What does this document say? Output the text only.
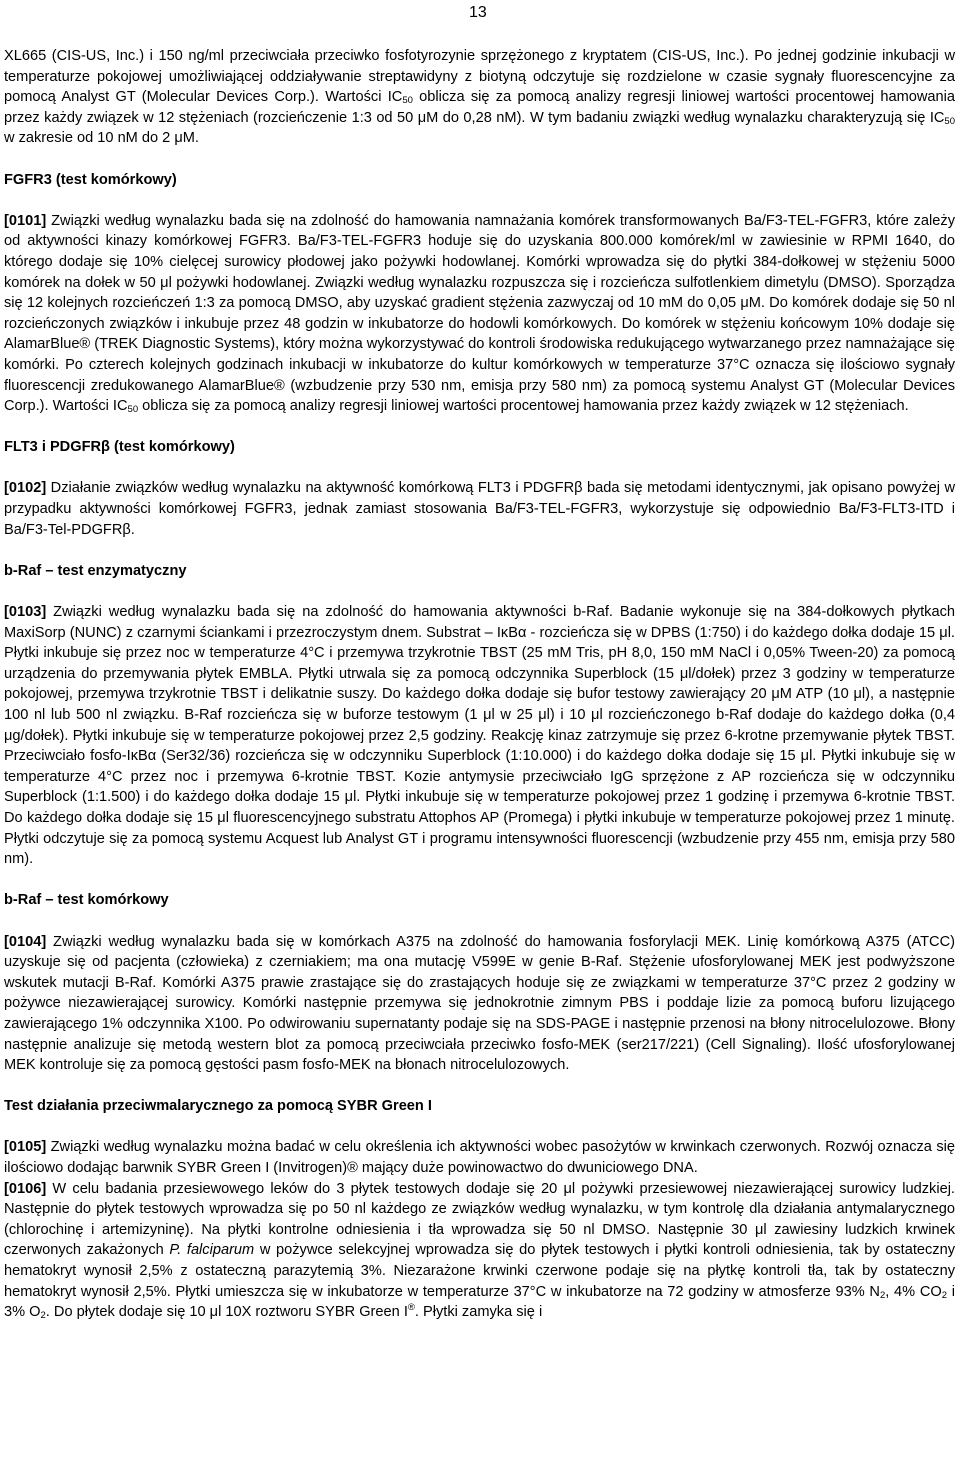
13

XL665 (CIS-US, Inc.) i 150 ng/ml przeciwciała przeciwko fosfotyrozynie sprzężonego z kryptatem (CIS-US, Inc.). Po jednej godzinie inkubacji w temperaturze pokojowej umożliwiającej oddziaływanie streptawidyny z biotyną odczytuje się rozdzielone w czasie sygnały fluorescencyjne za pomocą Analyst GT (Molecular Devices Corp.). Wartości $IC_{50}$ oblicza się za pomocą analizy regresji liniowej wartości procentowej hamowania przez każdy związek w 12 stężeniach (rozcieńczenie 1:3 od 50 μM do 0,28 nM). W tym badaniu związki według wynalazku charakteryzują się $IC_{50}$ w zakresie od 10 nM do 2 μM.

FGFR3 (test komórkowy)

[0101] Związki według wynalazku bada się na zdolność do hamowania namnażania komórek transformowanych Ba/F3-TEL-FGFR3, które zależy od aktywności kinazy komórkowej FGFR3. Ba/F3-TEL-FGFR3 hoduje się do uzyskania 800.000 komórek/ml w zawiesinie w RPMI 1640, do którego dodaje się 10% cielęcej surowicy płodowej jako pożywki hodowlanej. Komórki wprowadza się do płytki 384-dołkowej w stężeniu 5000 komórek na dołek w 50 μl pożywki hodowlanej. Związki według wynalazku rozpuszcza się i rozcieńcza sulfotlenkiem dimetylu (DMSO). Sporządza się 12 kolejnych rozcieńczeń 1:3 za pomocą DMSO, aby uzyskać gradient stężenia zazwyczaj od 10 mM do 0,05 μM. Do komórek dodaje się 50 nl rozcieńczonych związków i inkubuje przez 48 godzin w inkubatorze do hodowli komórkowych. Do komórek w stężeniu końcowym 10% dodaje się AlamarBlue® (TREK Diagnostic Systems), który można wykorzystywać do kontroli środowiska redukującego wytwarzanego przez namnażające się komórki. Po czterech kolejnych godzinach inkubacji w inkubatorze do kultur komórkowych w temperaturze 37°C oznacza się ilościowo sygnały fluorescencji zredukowanego AlamarBlue® (wzbudzenie przy 530 nm, emisja przy 580 nm) za pomocą systemu Analyst GT (Molecular Devices Corp.). Wartości $IC_{50}$ oblicza się za pomocą analizy regresji liniowej wartości procentowej hamowania przez każdy związek w 12 stężeniach.

FLT3 i PDGFRβ (test komórkowy)

[0102] Działanie związków według wynalazku na aktywność komórkową FLT3 i PDGFRβ bada się metodami identycznymi, jak opisano powyżej w przypadku aktywności komórkowej FGFR3, jednak zamiast stosowania Ba/F3-TEL-FGFR3, wykorzystuje się odpowiednio Ba/F3-FLT3-ITD i Ba/F3-Tel-PDGFRβ.

b-Raf – test enzymatyczny

[0103] Związki według wynalazku bada się na zdolność do hamowania aktywności b-Raf. Badanie wykonuje się na 384-dołkowych płytkach MaxiSorp (NUNC) z czarnymi ściankami i przezroczystym dnem. Substrat – IκBα - rozcieńcza się w DPBS (1:750) i do każdego dołka dodaje 15 μl. Płytki inkubuje się przez noc w temperaturze 4°C i przemywa trzykrotnie TBST (25 mM Tris, pH 8,0, 150 mM NaCl i 0,05% Tween-20) za pomocą urządzenia do przemywania płytek EMBLA. Płytki utrwala się za pomocą odczynnika Superblock (15 μl/dołek) przez 3 godziny w temperaturze pokojowej, przemywa trzykrotnie TBST i delikatnie suszy. Do każdego dołka dodaje się bufor testowy zawierający 20 μM ATP (10 μl), a następnie 100 nl lub 500 nl związku. B-Raf rozcieńcza się w buforze testowym (1 μl w 25 μl) i 10 μl rozcieńczonego b-Raf dodaje do każdego dołka (0,4 μg/dołek). Płytki inkubuje się w temperaturze pokojowej przez 2,5 godziny. Reakcję kinaz zatrzymuje się przez 6-krotne przemywanie płytek TBST. Przeciwciało fosfo-IκBα (Ser32/36) rozcieńcza się w odczynniku Superblock (1:10.000) i do każdego dołka dodaje się 15 μl. Płytki inkubuje się w temperaturze 4°C przez noc i przemywa 6-krotnie TBST. Kozie antymysie przeciwciało IgG sprzężone z AP rozcieńcza się w odczynniku Superblock (1:1.500) i do każdego dołka dodaje 15 μl. Płytki inkubuje się w temperaturze pokojowej przez 1 godzinę i przemywa 6-krotnie TBST. Do każdego dołka dodaje się 15 μl fluorescencyjnego substratu Attophos AP (Promega) i płytki inkubuje w temperaturze pokojowej przez 1 minutę. Płytki odczytuje się za pomocą systemu Acquest lub Analyst GT i programu intensywności fluorescencji (wzbudzenie przy 455 nm, emisja przy 580 nm).

b-Raf – test komórkowy

[0104] Związki według wynalazku bada się w komórkach A375 na zdolność do hamowania fosforylacji MEK. Linię komórkową A375 (ATCC) uzyskuje się od pacjenta (człowieka) z czerniakiem; ma ona mutację V599E w genie B-Raf. Stężenie ufosforylowanej MEK jest podwyższone wskutek mutacji B-Raf. Komórki A375 prawie zrastające się do zrastających hoduje się ze związkami w temperaturze 37°C przez 2 godziny w pożywce niezawierającej surowicy. Komórki następnie przemywa się jednokrotnie zimnym PBS i poddaje lizie za pomocą buforu lizującego zawierającego 1% odczynnika X100. Po odwirowaniu supernatanty podaje się na SDS-PAGE i następnie przenosi na błony nitrocelulozowe. Błony następnie analizuje się metodą western blot za pomocą przeciwciała przeciwko fosfo-MEK (ser217/221) (Cell Signaling). Ilość ufosforylowanej MEK kontroluje się za pomocą gęstości pasm fosfo-MEK na błonach nitrocelulozowych.

Test działania przeciwmalarycznego za pomocą SYBR Green I

[0105] Związki według wynalazku można badać w celu określenia ich aktywności wobec pasożytów w krwinkach czerwonych. Rozwój oznacza się ilościowo dodając barwnik SYBR Green I (Invitrogen)® mający duże powinowactwo do dwuniciowego DNA.

[0106] W celu badania przesiewowego leków do 3 płytek testowych dodaje się 20 μl pożywki przesiewowej niezawierającej surowicy ludzkiej. Następnie do płytek testowych wprowadza się po 50 nl każdego ze związków według wynalazku, w tym kontrolę dla działania antymalarycznego (chlorochinę i artemizyninę). Na płytki kontrolne odniesienia i tła wprowadza się 50 nl DMSO. Następnie 30 μl zawiesiny ludzkich krwinek czerwonych zakażonych P. falciparum w pożywce selekcyjnej wprowadza się do płytek testowych i płytki kontroli odniesienia, tak by ostateczny hematokryt wynosił 2,5% z ostateczną parazytemią 3%. Niezarażone krwinki czerwone podaje się na płytkę kontroli tła, tak by ostateczny hematokryt wynosił 2,5%. Płytki umieszcza się w inkubatorze w temperaturze 37°C w inkubatorze na 72 godziny w atmosferze 93% $N_2$, 4% $CO_2$ i 3% $O_2$. Do płytek dodaje się 10 μl 10X roztworu SYBR Green I®. Płytki zamyka się i
